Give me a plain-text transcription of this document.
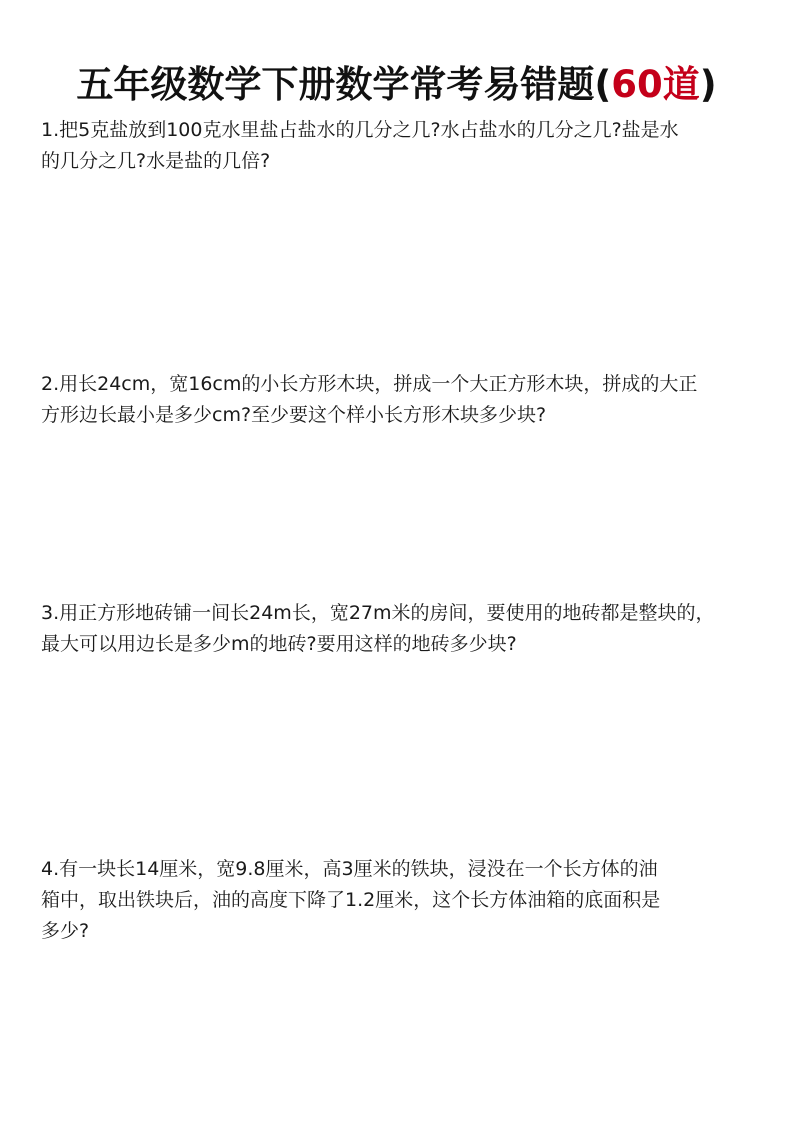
五年级数学下册数学常考易错题(60道)

1.把5克盐放到100克水里盐占盐水的几分之几?水占盐水的几分之几?盐是水
的几分之几?水是盐的几倍?

2.用长24cm，宽16cm的小长方形木块，拼成一个大正方形木块，拼成的大正
方形边长最小是多少cm?至少要这个样小长方形木块多少块?

3.用正方形地砖铺一间长24m长，宽27m米的房间，要使用的地砖都是整块的，
最大可以用边长是多少m的地砖?要用这样的地砖多少块?

4.有一块长14厘米，宽9.8厘米，高3厘米的铁块，浸没在一个长方体的油
箱中，取出铁块后，油的高度下降了1.2厘米，这个长方体油箱的底面积是
多少?
